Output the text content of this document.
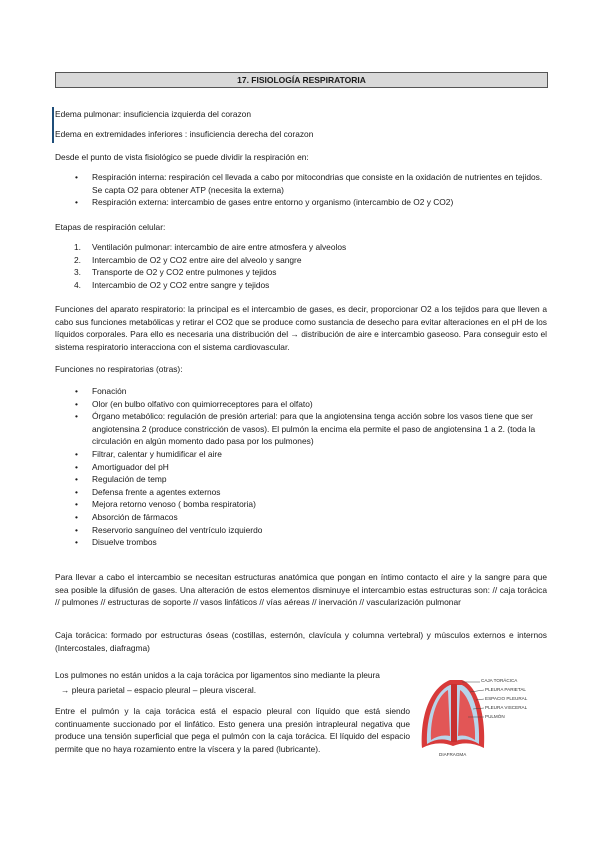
17. FISIOLOGÍA RESPIRATORIA

Edema pulmonar: insuficiencia izquierda del corazon

Edema en extremidades inferiores : insuficiencia derecha del corazon

Desde el punto de vista fisiológico se puede dividir la respiración en:

• Respiración interna: respiración cel llevada a cabo por mitocondrias que consiste en la oxidación de nutrientes en tejidos. Se capta O2 para obtener ATP (necesita la externa)
• Respiración externa: intercambio de gases entre entorno y organismo (intercambio de O2 y CO2)

Etapas de respiración celular:

1. Ventilación pulmonar: intercambio de aire entre atmosfera y alveolos
2. Intercambio de O2 y CO2 entre aire del alveolo y sangre
3. Transporte de O2 y CO2 entre pulmones y tejidos
4. Intercambio de O2 y CO2 entre sangre y tejidos

Funciones del aparato respiratorio: la principal es el intercambio de gases, es decir, proporcionar O2 a los tejidos para que lleven a cabo sus funciones metabólicas y retirar el CO2 que se produce como sustancia de desecho para evitar alteraciones en el pH de los líquidos corporales. Para ello es necesaria una distribución del → distribución de aire e intercambio gaseoso. Para conseguir esto el sistema respiratorio interacciona con el sistema cardiovascular.

Funciones no respiratorias (otras):

• Fonación
• Olor (en bulbo olfativo con quimiorreceptores para el olfato)
• Órgano metabólico: regulación de presión arterial: para que la angiotensina tenga acción sobre los vasos tiene que ser angiotensina 2 (produce constricción de vasos). El pulmón la encima ela permite el paso de angiotensina 1 a 2. (toda la circulación en algún momento dado pasa por los pulmones)
• Filtrar, calentar y humidificar el aire
• Amortiguador del pH
• Regulación de temp
• Defensa frente a agentes externos
• Mejora retorno venoso ( bomba respiratoria)
• Absorción de fármacos
• Reservorio sanguíneo del ventrículo izquierdo
• Disuelve trombos

Para llevar a cabo el intercambio se necesitan estructuras anatómica que pongan en íntimo contacto el aire y la sangre para que sea posible la difusión de gases. Una alteración de estos elementos disminuye el intercambio estas estructuras son: // caja torácica // pulmones // estructuras de soporte // vasos linfáticos // vías aéreas // inervación // vascularización pulmonar

Caja torácica: formado por estructuras óseas (costillas, esternón, clavícula y columna vertebral) y músculos externos e internos (Intercostales, diafragma)

Los pulmones no están unidos a la caja torácica por ligamentos sino mediante la pleura

→ pleura parietal – espacio pleural – pleura visceral.

Entre el pulmón y la caja torácica está el espacio pleural con líquido que está siendo continuamente succionado por el linfático. Esto genera una presión intrapleural negativa que produce una tensión superficial que pega el pulmón con la caja torácica. El líquido del espacio permite que no haya rozamiento entre la víscera y la pared (lubricante).

CAJA TORÁCICA
PLEURA PARIETAL
ESPACIO PLEURAL
PLEURA VISCERAL
PULMÓN
DIAFRAGMA
